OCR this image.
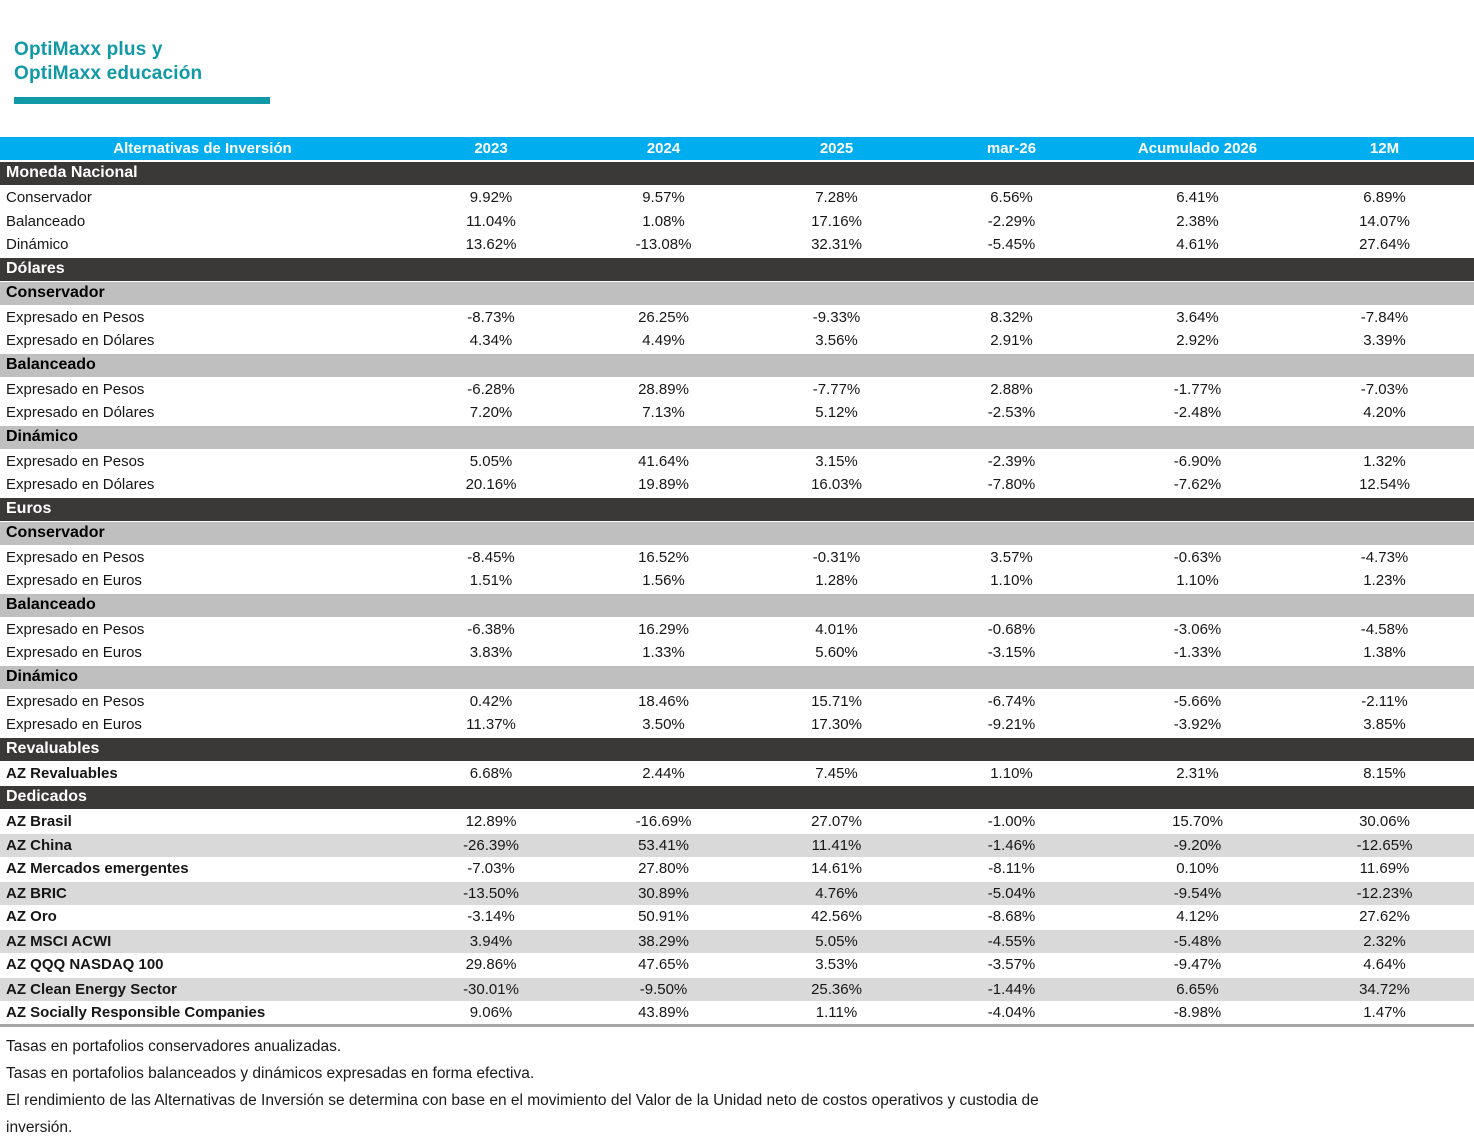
OptiMaxx plus y
OptiMaxx educación
Alternativas de Inversión	2023	2024	2025	mar-26	Acumulado 2026	12M
Moneda Nacional						
Conservador	9.92%	9.57%	7.28%	6.56%	6.41%	6.89%
Balanceado	11.04%	1.08%	17.16%	-2.29%	2.38%	14.07%
Dinámico	13.62%	-13.08%	32.31%	-5.45%	4.61%	27.64%
Dólares						
Conservador						
Expresado en Pesos	-8.73%	26.25%	-9.33%	8.32%	3.64%	-7.84%
Expresado en Dólares	4.34%	4.49%	3.56%	2.91%	2.92%	3.39%
Balanceado						
Expresado en Pesos	-6.28%	28.89%	-7.77%	2.88%	-1.77%	-7.03%
Expresado en Dólares	7.20%	7.13%	5.12%	-2.53%	-2.48%	4.20%
Dinámico						
Expresado en Pesos	5.05%	41.64%	3.15%	-2.39%	-6.90%	1.32%
Expresado en Dólares	20.16%	19.89%	16.03%	-7.80%	-7.62%	12.54%
Euros						
Conservador						
Expresado en Pesos	-8.45%	16.52%	-0.31%	3.57%	-0.63%	-4.73%
Expresado en Euros	1.51%	1.56%	1.28%	1.10%	1.10%	1.23%
Balanceado						
Expresado en Pesos	-6.38%	16.29%	4.01%	-0.68%	-3.06%	-4.58%
Expresado en Euros	3.83%	1.33%	5.60%	-3.15%	-1.33%	1.38%
Dinámico						
Expresado en Pesos	0.42%	18.46%	15.71%	-6.74%	-5.66%	-2.11%
Expresado en Euros	11.37%	3.50%	17.30%	-9.21%	-3.92%	3.85%
Revaluables						
AZ Revaluables	6.68%	2.44%	7.45%	1.10%	2.31%	8.15%
Dedicados						
AZ Brasil	12.89%	-16.69%	27.07%	-1.00%	15.70%	30.06%
AZ China	-26.39%	53.41%	11.41%	-1.46%	-9.20%	-12.65%
AZ Mercados emergentes	-7.03%	27.80%	14.61%	-8.11%	0.10%	11.69%
AZ BRIC	-13.50%	30.89%	4.76%	-5.04%	-9.54%	-12.23%
AZ Oro	-3.14%	50.91%	42.56%	-8.68%	4.12%	27.62%
AZ MSCI ACWI	3.94%	38.29%	5.05%	-4.55%	-5.48%	2.32%
AZ QQQ NASDAQ 100	29.86%	47.65%	3.53%	-3.57%	-9.47%	4.64%
AZ Clean Energy Sector	-30.01%	-9.50%	25.36%	-1.44%	6.65%	34.72%
AZ Socially Responsible Companies	9.06%	43.89%	1.11%	-4.04%	-8.98%	1.47%
Tasas en portafolios conservadores anualizadas.
Tasas en portafolios balanceados y dinámicos expresadas en forma efectiva.
El rendimiento de las Alternativas de Inversión se determina con base en el movimiento del Valor de la Unidad neto de costos operativos y custodia de inversión.
